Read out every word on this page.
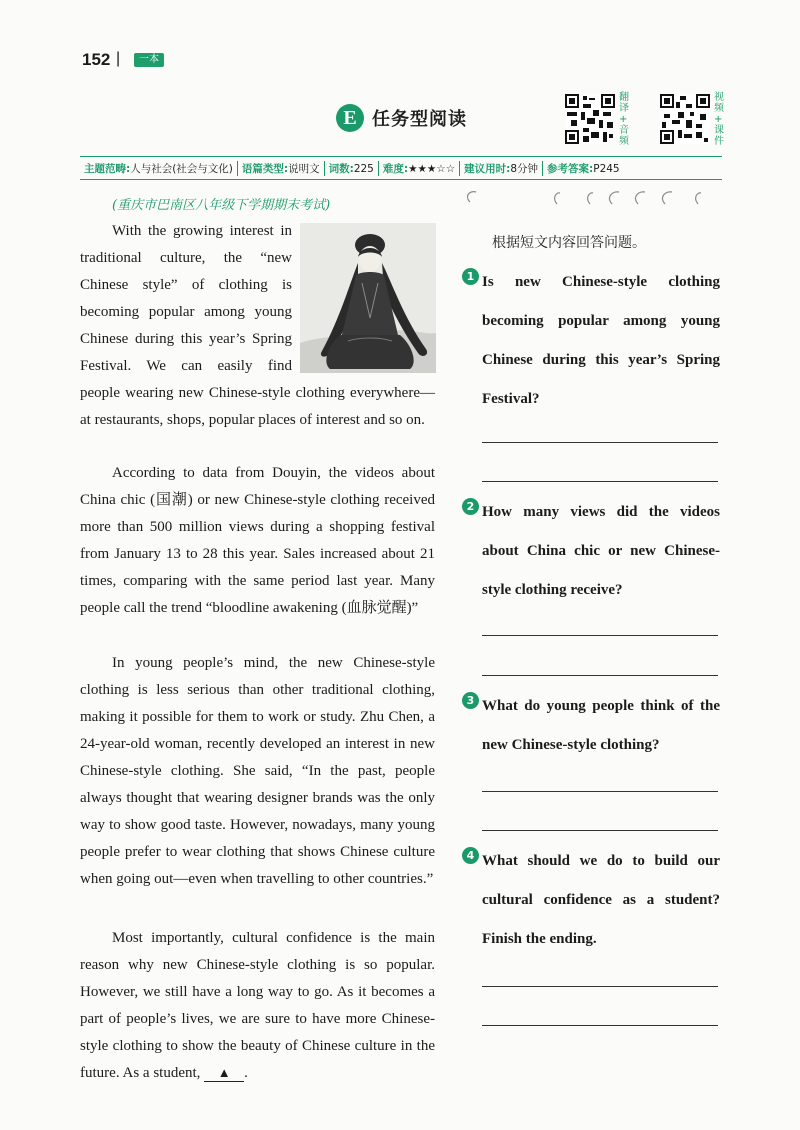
152 |	一本
E 任务型阅读
翻
译
+
音
频
视
频
+
课
件
主题范畴:人与社会(社会与文化) 语篇类型:说明文 词数:225 难度:★★★☆☆ 建议用时:8分钟 参考答案:P245
(重庆市巴南区八年级下学期期末考试)
With the growing interest in
traditional culture, the “new
Chinese style” of clothing is
becoming popular among young
Chinese during this year’s Spring
Festival. We can easily find
people wearing new Chinese-style clothing everywhere—at restaurants, shops, popular places of interest and so on.

According to data from Douyin, the videos about China chic (国潮) or new Chinese-style clothing received more than 500 million views during a shopping festival from January 13 to 28 this year. Sales increased about 21 times, comparing with the same period last year. Many people call the trend “bloodline awakening (血脉觉醒)”

In young people’s mind, the new Chinese-style clothing is less serious than other traditional clothing, making it possible for them to work or study. Zhu Chen, a 24-year-old woman, recently developed an interest in new Chinese-style clothing. She said, “In the past, people always thought that wearing designer brands was the only way to show good taste. However, nowadays, many young people prefer to wear clothing that shows Chinese culture when going out—even when travelling to other countries.”

Most importantly, cultural confidence is the main reason why new Chinese-style clothing is so popular. However, we still have a long way to go. As it becomes a part of people’s lives, we are sure to have more Chinese-style clothing to show the beauty of Chinese culture in the future. As a student, ▲ .

根据短文内容回答问题。
1 Is new Chinese-style clothing becoming popular among young Chinese during this year’s Spring Festival?
2 How many views did the videos about China chic or new Chinese-style clothing receive?
3 What do young people think of the new Chinese-style clothing?
4 What should we do to build our cultural confidence as a student? Finish the ending.
